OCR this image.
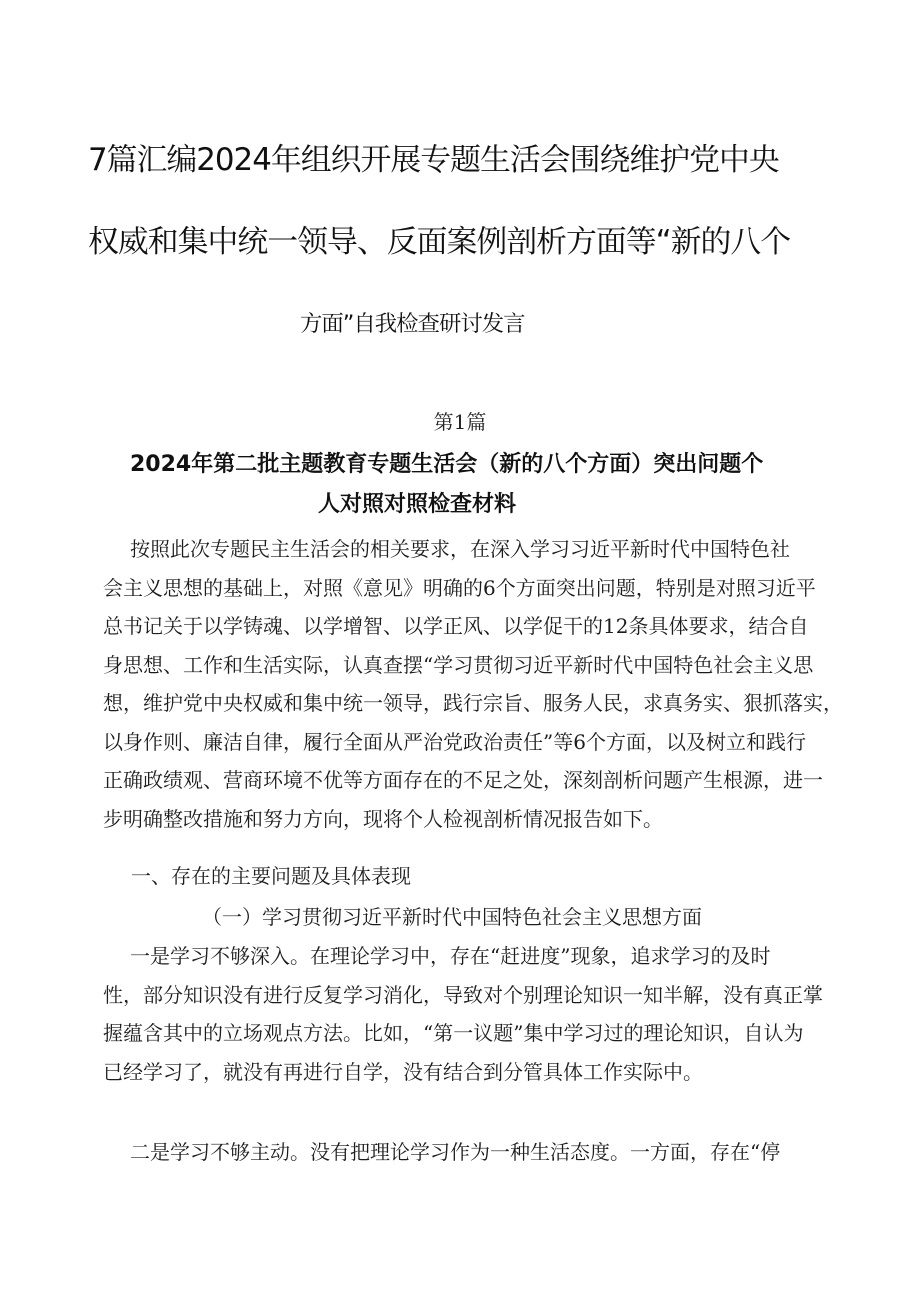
7篇汇编2024年组织开展专题生活会围绕维护党中央
权威和集中统一领导、反面案例剖析方面等“新的八个
方面”自我检查研讨发言
第1篇
2024年第二批主题教育专题生活会（新的八个方面）突出问题个
人对照对照检查材料
按照此次专题民主生活会的相关要求，在深入学习习近平新时代中国特色社
会主义思想的基础上，对照《意见》明确的6个方面突出问题，特别是对照习近平
总书记关于以学铸魂、以学增智、以学正风、以学促干的12条具体要求，结合自
身思想、工作和生活实际，认真查摆“学习贯彻习近平新时代中国特色社会主义思
想，维护党中央权威和集中统一领导，践行宗旨、服务人民，求真务实、狠抓落实，
以身作则、廉洁自律，履行全面从严治党政治责任”等6个方面，以及树立和践行
正确政绩观、营商环境不优等方面存在的不足之处，深刻剖析问题产生根源，进一
步明确整改措施和努力方向，现将个人检视剖析情况报告如下。
一、存在的主要问题及具体表现
（一）学习贯彻习近平新时代中国特色社会主义思想方面
一是学习不够深入。在理论学习中，存在“赶进度”现象，追求学习的及时
性，部分知识没有进行反复学习消化，导致对个别理论知识一知半解，没有真正掌
握蕴含其中的立场观点方法。比如，“第一议题”集中学习过的理论知识，自认为
已经学习了，就没有再进行自学，没有结合到分管具体工作实际中。
二是学习不够主动。没有把理论学习作为一种生活态度。一方面，存在“停
